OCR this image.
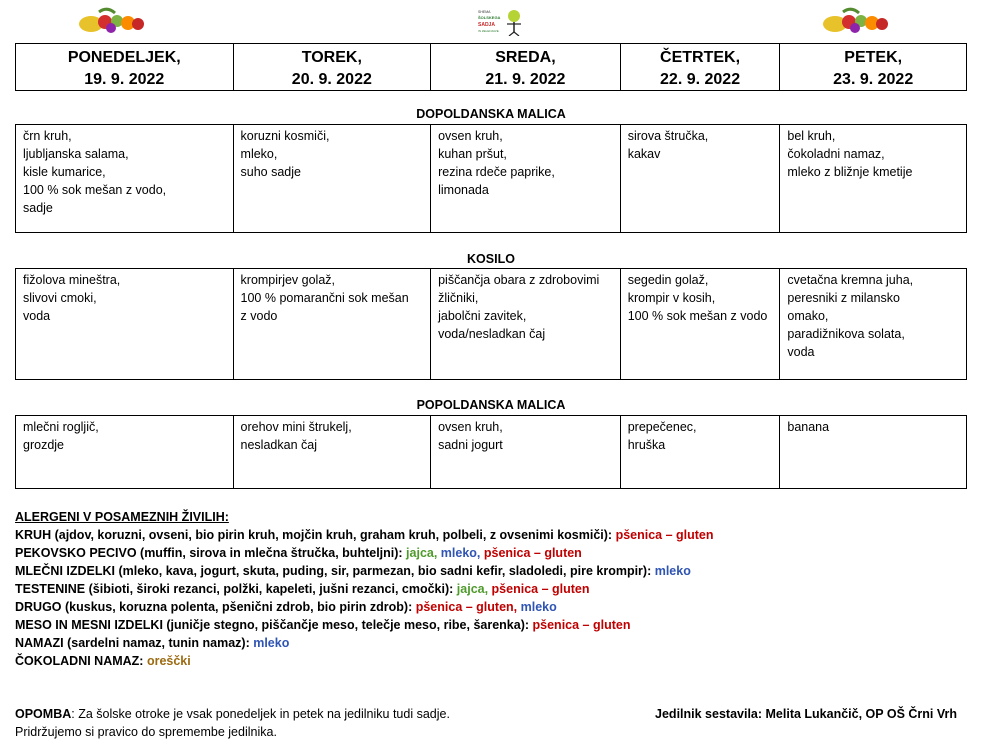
SHEMA
ŠOLSKEGA
SADJA
IN ZELENJAVE
PONEDELJEK,
19. 9. 2022
TOREK,
20. 9. 2022
SREDA,
21. 9. 2022
ČETRTEK,
22. 9. 2022
PETEK,
23. 9. 2022
DOPOLDANSKA MALICA
črn kruh,
ljubljanska salama,
kisle kumarice,
100 % sok mešan z vodo,
sadje
koruzni kosmiči,
mleko,
suho sadje
ovsen kruh,
kuhan pršut,
rezina rdeče paprike,
limonada
sirova štručka,
kakav
bel kruh,
čokoladni namaz,
mleko z bližnje kmetije
KOSILO
fižolova mineštra,
slivovi cmoki,
voda
krompirjev golaž,
100 % pomarančni sok mešan
z vodo
piščančja obara z zdrobovimi
žličniki,
jabolčni zavitek,
voda/nesladkan čaj
segedin golaž,
krompir v kosih,
100 % sok mešan z vodo
cvetačna kremna juha,
peresniki z milansko
omako,
paradižnikova solata,
voda
POPOLDANSKA MALICA
mlečni rogljič,
grozdje
orehov mini štrukelj,
nesladkan čaj
ovsen kruh,
sadni jogurt
prepečenec,
hruška
banana
ALERGENI V POSAMEZNIH ŽIVILIH:
KRUH (ajdov, koruzni, ovseni, bio pirin kruh, mojčin kruh, graham kruh, polbeli, z ovsenimi kosmiči): pšenica – gluten
PEKOVSKO PECIVO (muffin, sirova in mlečna štručka, buhteljni): jajca, mleko, pšenica – gluten
MLEČNI IZDELKI (mleko, kava, jogurt, skuta, puding, sir, parmezan, bio sadni kefir, sladoledi, pire krompir): mleko
TESTENINE (šibioti, široki rezanci, polžki, kapeleti, jušni rezanci, cmočki): jajca, pšenica – gluten
DRUGO (kuskus, koruzna polenta, pšenični zdrob, bio pirin zdrob): pšenica – gluten, mleko
MESO IN MESNI IZDELKI (juničje stegno, piščančje meso, telečje meso, ribe, šarenka): pšenica – gluten
NAMAZI (sardelni namaz, tunin namaz): mleko
ČOKOLADNI NAMAZ: oreščki
OPOMBA: Za šolske otroke je vsak ponedeljek in petek na jedilniku tudi sadje.
Pridržujemo si pravico do spremembe jedilnika.
Jedilnik sestavila: Melita Lukančič, OP OŠ Črni Vrh
